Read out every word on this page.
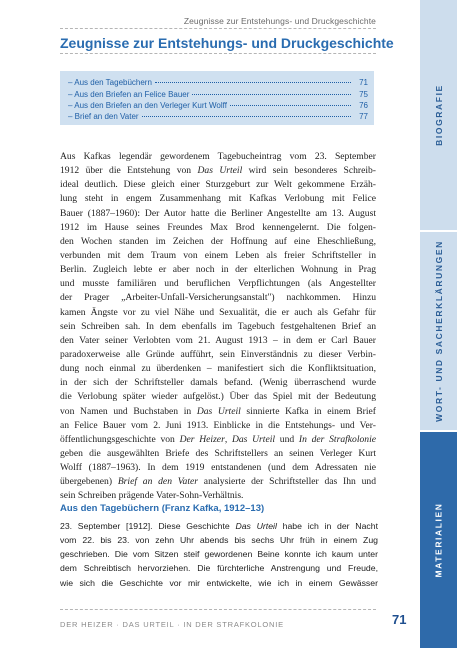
Zeugnisse zur Entstehungs- und Druckgeschichte
Zeugnisse zur Entstehungs- und Druckgeschichte
– Aus den Tagebüchern	71
– Aus den Briefen an Felice Bauer	75
– Aus den Briefen an den Verleger Kurt Wolff	76
– Brief an den Vater	77
Aus Kafkas legendär gewordenem Tagebucheintrag vom 23. September
1912 über die Entstehung von Das Urteil wird sein besonderes Schreib-
ideal deutlich. Diese gleich einer Sturzgeburt zur Welt gekommene Erzäh-
lung steht in engem Zusammenhang mit Kafkas Verlobung mit Felice
Bauer (1887–1960): Der Autor hatte die Berliner Angestellte am 13. August
1912 im Hause seines Freundes Max Brod kennengelernt. Die folgen-
den Wochen standen im Zeichen der Hoffnung auf eine Eheschließung,
verbunden mit dem Traum von einem Leben als freier Schriftsteller in
Berlin. Zugleich lebte er aber noch in der elterlichen Wohnung in Prag
und musste familiären und beruflichen Verpflichtungen (als Angestellter
der Prager „Arbeiter-Unfall-Versicherungsanstalt") nachkommen. Hinzu
kamen Ängste vor zu viel Nähe und Sexualität, die er auch als Gefahr für
sein Schreiben sah. In dem ebenfalls im Tagebuch festgehaltenen Brief an
den Vater seiner Verlobten vom 21. August 1913 – in dem er Carl Bauer
paradoxerweise alle Gründe aufführt, sein Einverständnis zu dieser Verbin-
dung noch einmal zu überdenken – manifestiert sich die Konfliktsituation,
in der sich der Schriftsteller damals befand. (Wenig überraschend wurde
die Verlobung später wieder aufgelöst.) Über das Spiel mit der Bedeutung
von Namen und Buchstaben in Das Urteil sinnierte Kafka in einem Brief
an Felice Bauer vom 2. Juni 1913. Einblicke in die Entstehungs- und Ver-
öffentlichungsgeschichte von Der Heizer, Das Urteil und In der Strafkolonie
geben die ausgewählten Briefe des Schriftstellers an seinen Verleger Kurt
Wolff (1887–1963). In dem 1919 entstandenen (und dem Adressaten nie
übergebenen) Brief an den Vater analysierte der Schriftsteller das Ihn und
sein Schreiben prägende Vater-Sohn-Verhältnis.
Aus den Tagebüchern (Franz Kafka, 1912–13)
23. September [1912]. Diese Geschichte Das Urteil habe ich in der Nacht
vom 22. bis 23. von zehn Uhr abends bis sechs Uhr früh in einem Zug
geschrieben. Die vom Sitzen steif gewordenen Beine konnte ich kaum unter
dem Schreibtisch hervorziehen. Die fürchterliche Anstrengung und Freude,
wie sich die Geschichte vor mir entwickelte, wie ich in einem Gewässer
DER HEIZER · DAS URTEIL · IN DER STRAFKOLONIE	71
BIOGRAFIE
WORT- UND SACHERKLÄRUNGEN
MATERIALIEN
